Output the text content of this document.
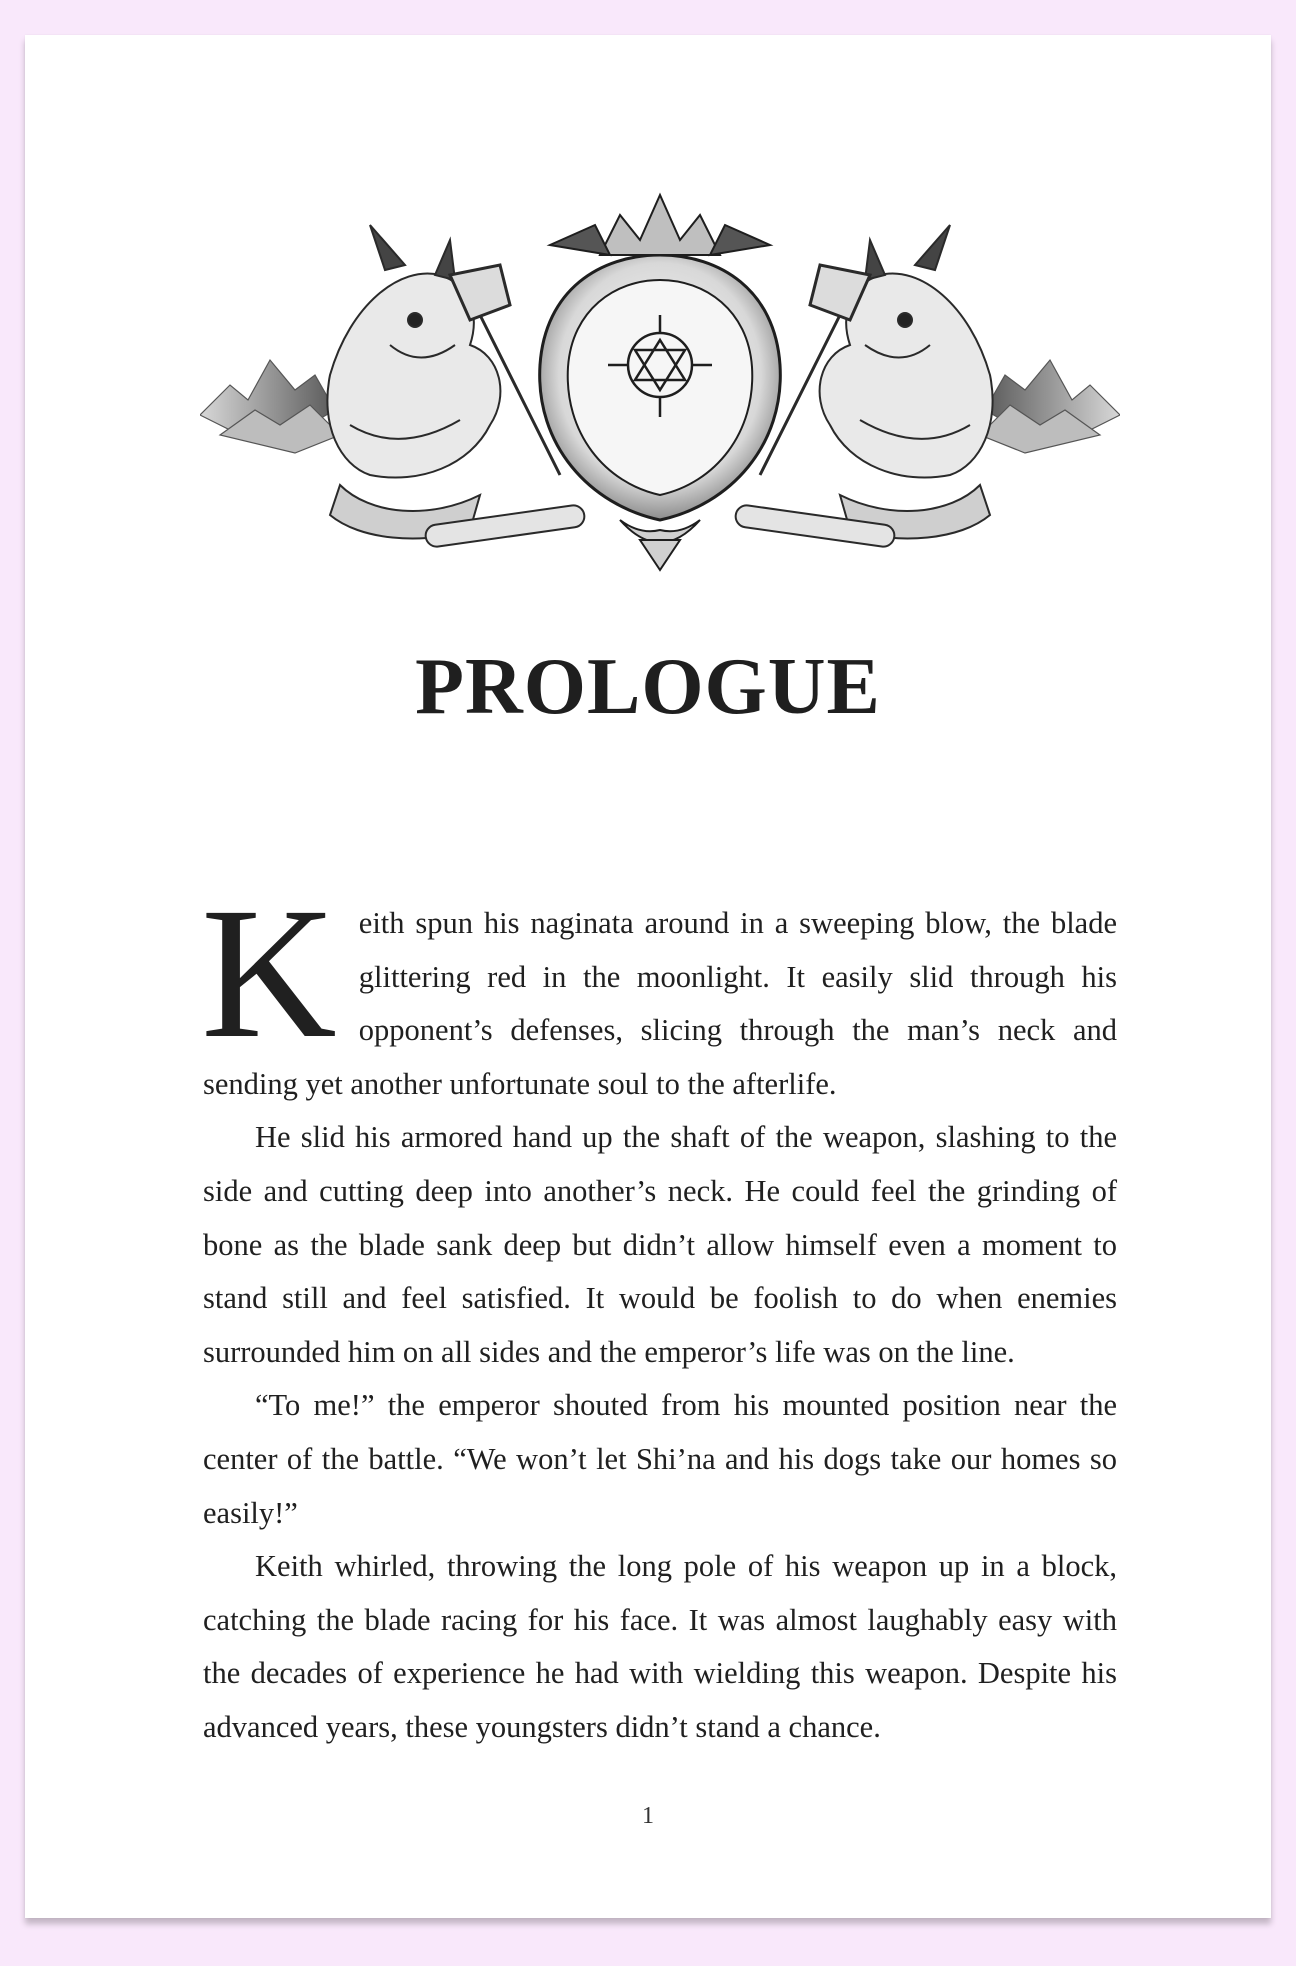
PROLOGUE

Keith spun his naginata around in a sweeping blow, the blade glittering red in the moonlight. It easily slid through his opponent’s defenses, slicing through the man’s neck and sending yet another unfortunate soul to the afterlife.

He slid his armored hand up the shaft of the weapon, slashing to the side and cutting deep into another’s neck. He could feel the grinding of bone as the blade sank deep but didn’t allow himself even a moment to stand still and feel satisfied. It would be foolish to do when enemies surrounded him on all sides and the emperor’s life was on the line.

“To me!” the emperor shouted from his mounted position near the center of the battle. “We won’t let Shi’na and his dogs take our homes so easily!”

Keith whirled, throwing the long pole of his weapon up in a block, catching the blade racing for his face. It was almost laughably easy with the decades of experience he had with wielding this weapon. Despite his advanced years, these youngsters didn’t stand a chance.

1
